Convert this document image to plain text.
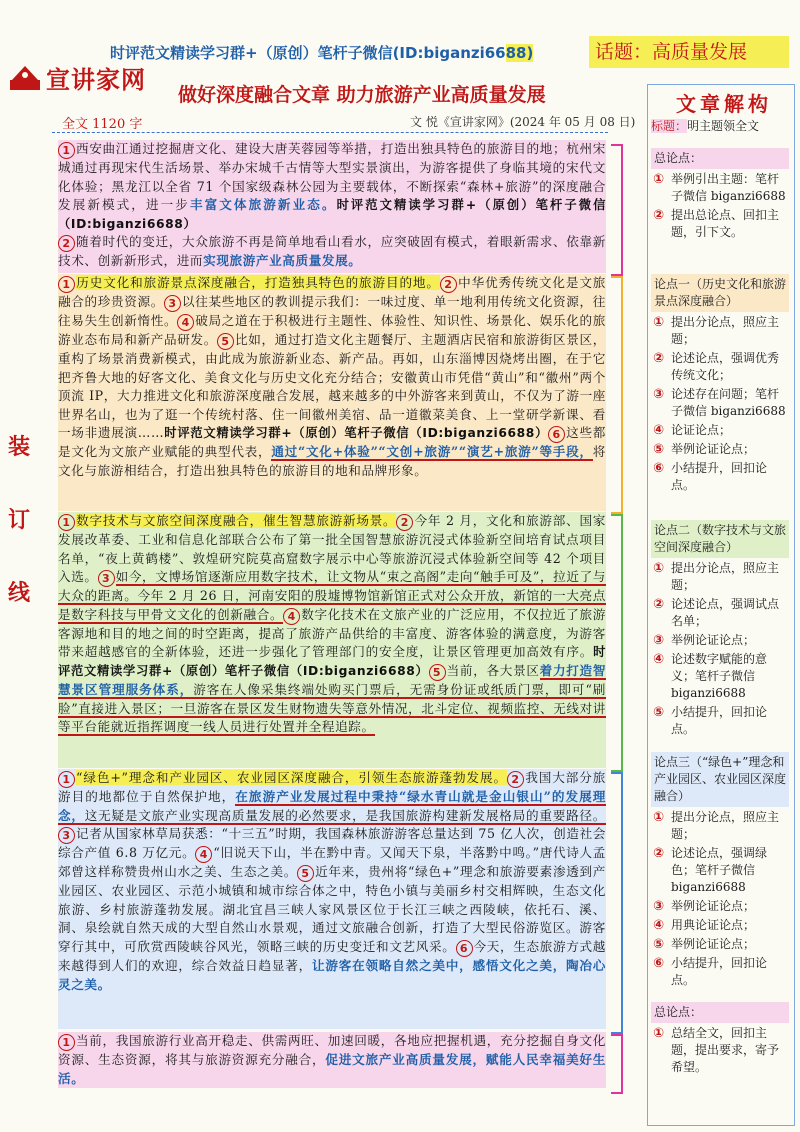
时评范文精读学习群+（原创）笔杆子微信(ID:biganzi6688)	话题：高质量发展
宣讲家网
做好深度融合文章 助力旅游产业高质量发展
全文 1120 字	文 悦《宣讲家网》(2024 年 05 月 08 日)
装
订
线
1 西安曲江通过挖掘唐文化、建设大唐芙蓉园等举措，打造出独具特色的旅游目的地；杭州宋城通过再现宋代生活场景、举办宋城千古情等大型实景演出，为游客提供了身临其境的宋代文化体验；黑龙江以全省 71 个国家级森林公园为主要载体，不断探索“森林+旅游”的深度融合发展新模式，进一步丰富文体旅游新业态。时评范文精读学习群+（原创）笔杆子微信（ID:biganzi6688）
2 随着时代的变迁，大众旅游不再是简单地看山看水，应突破固有模式，着眼新需求、依靠新技术、创新新形式，进而实现旅游产业高质量发展。
1 历史文化和旅游景点深度融合，打造独具特色的旅游目的地。 2 中华优秀传统文化是文旅融合的珍贵资源。 3 以往某些地区的教训提示我们：一味过度、单一地利用传统文化资源，往往易失生创新惰性。 4 破局之道在于积极进行主题性、体验性、知识性、场景化、娱乐化的旅游业态布局和新产品研发。 5 比如，通过打造文化主题餐厅、主题酒店民宿和旅游街区景区，重构了场景消费新模式，由此成为旅游新业态、新产品。再如，山东淄博因烧烤出圈，在于它把齐鲁大地的好客文化、美食文化与历史文化充分结合；安徽黄山市凭借“黄山”和“徽州”两个顶流 IP，大力推进文化和旅游深度融合发展，越来越多的中外游客来到黄山，不仅为了游一座世界名山，也为了逛一个传统村落、住一间徽州美宿、品一道徽菜美食、上一堂研学新课、看一场非遗展演……时评范文精读学习群+（原创）笔杆子微信（ID:biganzi6688） 6 这些都是文化为文旅产业赋能的典型代表，通过“文化+体验”“文创+旅游”“演艺+旅游”等手段，将文化与旅游相结合，打造出独具特色的旅游目的地和品牌形象。
1 数字技术与文旅空间深度融合，催生智慧旅游新场景。 2 今年 2 月，文化和旅游部、国家发展改革委、工业和信息化部联合公布了第一批全国智慧旅游沉浸式体验新空间培育试点项目名单，“夜上黄鹤楼”、敦煌研究院莫高窟数字展示中心等旅游沉浸式体验新空间等 42 个项目入选。 3 如今，文博场馆逐渐应用数字技术，让文物从“束之高阁”走向“触手可及”，拉近了与大众的距离。今年 2 月 26 日，河南安阳的殷墟博物馆新馆正式对公众开放，新馆的一大亮点是数字科技与甲骨文文化的创新融合。 4 数字化技术在文旅产业的广泛应用，不仅拉近了旅游客源地和目的地之间的时空距离，提高了旅游产品供给的丰富度、游客体验的满意度，为游客带来超越感官的全新体验，还进一步强化了管理部门的安全度，让景区管理更加高效有序。时评范文精读学习群+（原创）笔杆子微信（ID:biganzi6688） 5 当前，各大景区着力打造智慧景区管理服务体系，游客在人像采集终端处购买门票后，无需身份证或纸质门票，即可“刷脸”直接进入景区；一旦游客在景区发生财物遗失等意外情况，北斗定位、视频监控、无线对讲等平台能就近指挥调度一线人员进行处置并全程追踪。
1 “绿色+”理念和产业园区、农业园区深度融合，引领生态旅游蓬勃发展。 2 我国大部分旅游目的地都位于自然保护地，在旅游产业发展过程中秉持“绿水青山就是金山银山”的发展理念，这无疑是文旅产业实现高质量发展的必然要求，是我国旅游构建新发展格局的重要路径。3 记者从国家林草局获悉：“十三五”时期，我国森林旅游游客总量达到 75 亿人次，创造社会综合产值 6.8 万亿元。 4 “旧说天下山，半在黔中青。又闻天下泉，半落黔中鸣。”唐代诗人孟郊曾这样称赞贵州山水之美、生态之美。 5 近年来，贵州将“绿色+”理念和旅游要素渗透到产业园区、农业园区、示范小城镇和城市综合体之中，特色小镇与美丽乡村交相辉映，生态文化旅游、乡村旅游蓬勃发展。湖北宜昌三峡人家风景区位于长江三峡之西陵峡，依托石、溪、洞、泉绘就自然天成的大型自然山水景观，通过文旅融合创新，打造了大型民俗游览区。游客穿行其中，可欣赏西陵峡谷风光，领略三峡的历史变迁和文艺风采。 6 今天，生态旅游方式越来越得到人们的欢迎，综合效益日趋显著，让游客在领略自然之美中，感悟文化之美，陶冶心灵之美。
1 当前，我国旅游行业高开稳走、供需两旺、加速回暖，各地应把握机遇，充分挖掘自身文化资源、生态资源，将其与旅游资源充分融合，促进文旅产业高质量发展，赋能人民幸福美好生活。
文章解构
标题：明主题领全文
总论点：
① 举例引出主题：笔杆子微信 biganzi6688
② 提出总论点、回扣主题，引下文。
论点一（历史文化和旅游景点深度融合）
① 提出分论点，照应主题；
② 论述论点，强调优秀传统文化；
③ 论述存在问题；笔杆子微信 biganzi6688
④ 论证论点；
⑤ 举例论证论点；
⑥ 小结提升，回扣论点。
论点二（数字技术与文旅空间深度融合）
① 提出分论点，照应主题；
② 论述论点，强调试点名单；
③ 举例论证论点；
④ 论述数字赋能的意义；笔杆子微信 biganzi6688
⑤ 小结提升，回扣论点。
论点三（“绿色+”理念和产业园区、农业园区深度融合）
① 提出分论点，照应主题；
② 论述论点，强调绿色；笔杆子微信 biganzi6688
③ 举例论证论点；
④ 用典论证论点；
⑤ 举例论证论点；
⑥ 小结提升，回扣论点。
总论点：
① 总结全文，回扣主题，提出要求，寄予希望。
